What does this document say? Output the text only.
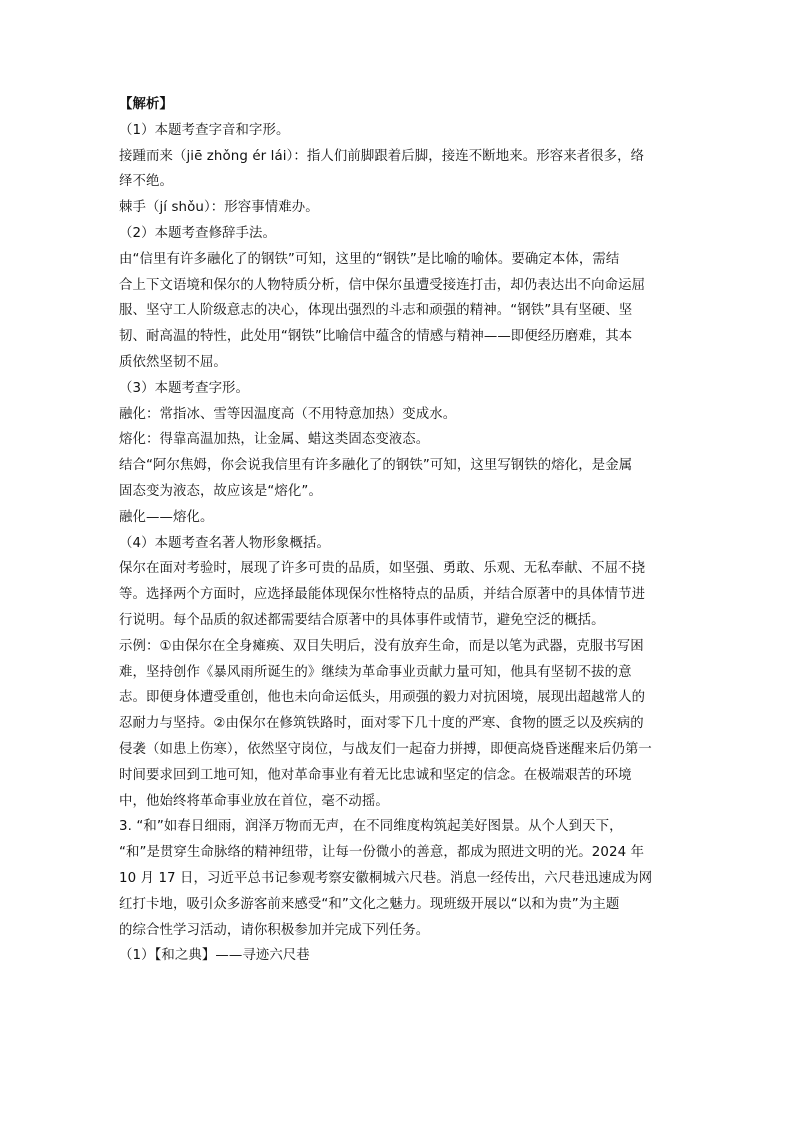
【解析】
（1）本题考查字音和字形。
接踵而来（jiē zhǒng ér lái）：指人们前脚跟着后脚，接连不断地来。形容来者很多，络
绎不绝。
棘手（jí shǒu）：形容事情难办。
（2）本题考查修辞手法。
由“信里有许多融化了的钢铁”可知，这里的“钢铁”是比喻的喻体。要确定本体，需结
合上下文语境和保尔的人物特质分析，信中保尔虽遭受接连打击，却仍表达出不向命运屈
服、坚守工人阶级意志的决心，体现出强烈的斗志和顽强的精神。“钢铁”具有坚硬、坚
韧、耐高温的特性，此处用“钢铁”比喻信中蕴含的情感与精神——即便经历磨难，其本
质依然坚韧不屈。
（3）本题考查字形。
融化：常指冰、雪等因温度高（不用特意加热）变成水。
熔化：得靠高温加热，让金属、蜡这类固态变液态。
结合“阿尔焦姆，你会说我信里有许多融化了的钢铁”可知，这里写钢铁的熔化，是金属
固态变为液态，故应该是“熔化”。
融化——熔化。
（4）本题考查名著人物形象概括。
保尔在面对考验时，展现了许多可贵的品质，如坚强、勇敢、乐观、无私奉献、不屈不挠
等。选择两个方面时，应选择最能体现保尔性格特点的品质，并结合原著中的具体情节进
行说明。每个品质的叙述都需要结合原著中的具体事件或情节，避免空泛的概括。
示例：①由保尔在全身瘫痪、双目失明后，没有放弃生命，而是以笔为武器，克服书写困
难，坚持创作《暴风雨所诞生的》继续为革命事业贡献力量可知，他具有坚韧不拔的意
志。即便身体遭受重创，他也未向命运低头，用顽强的毅力对抗困境，展现出超越常人的
忍耐力与坚持。②由保尔在修筑铁路时，面对零下几十度的严寒、食物的匮乏以及疾病的
侵袭（如患上伤寒），依然坚守岗位，与战友们一起奋力拼搏，即便高烧昏迷醒来后仍第一
时间要求回到工地可知，他对革命事业有着无比忠诚和坚定的信念。在极端艰苦的环境
中，他始终将革命事业放在首位，毫不动摇。
3. “和”如春日细雨，润泽万物而无声，在不同维度构筑起美好图景。从个人到天下，
“和”是贯穿生命脉络的精神纽带，让每一份微小的善意，都成为照进文明的光。2024 年
10 月 17 日，习近平总书记参观考察安徽桐城六尺巷。消息一经传出，六尺巷迅速成为网
红打卡地，吸引众多游客前来感受“和”文化之魅力。现班级开展以“以和为贵”为主题
的综合性学习活动，请你积极参加并完成下列任务。
（1）【和之典】——寻迹六尺巷
